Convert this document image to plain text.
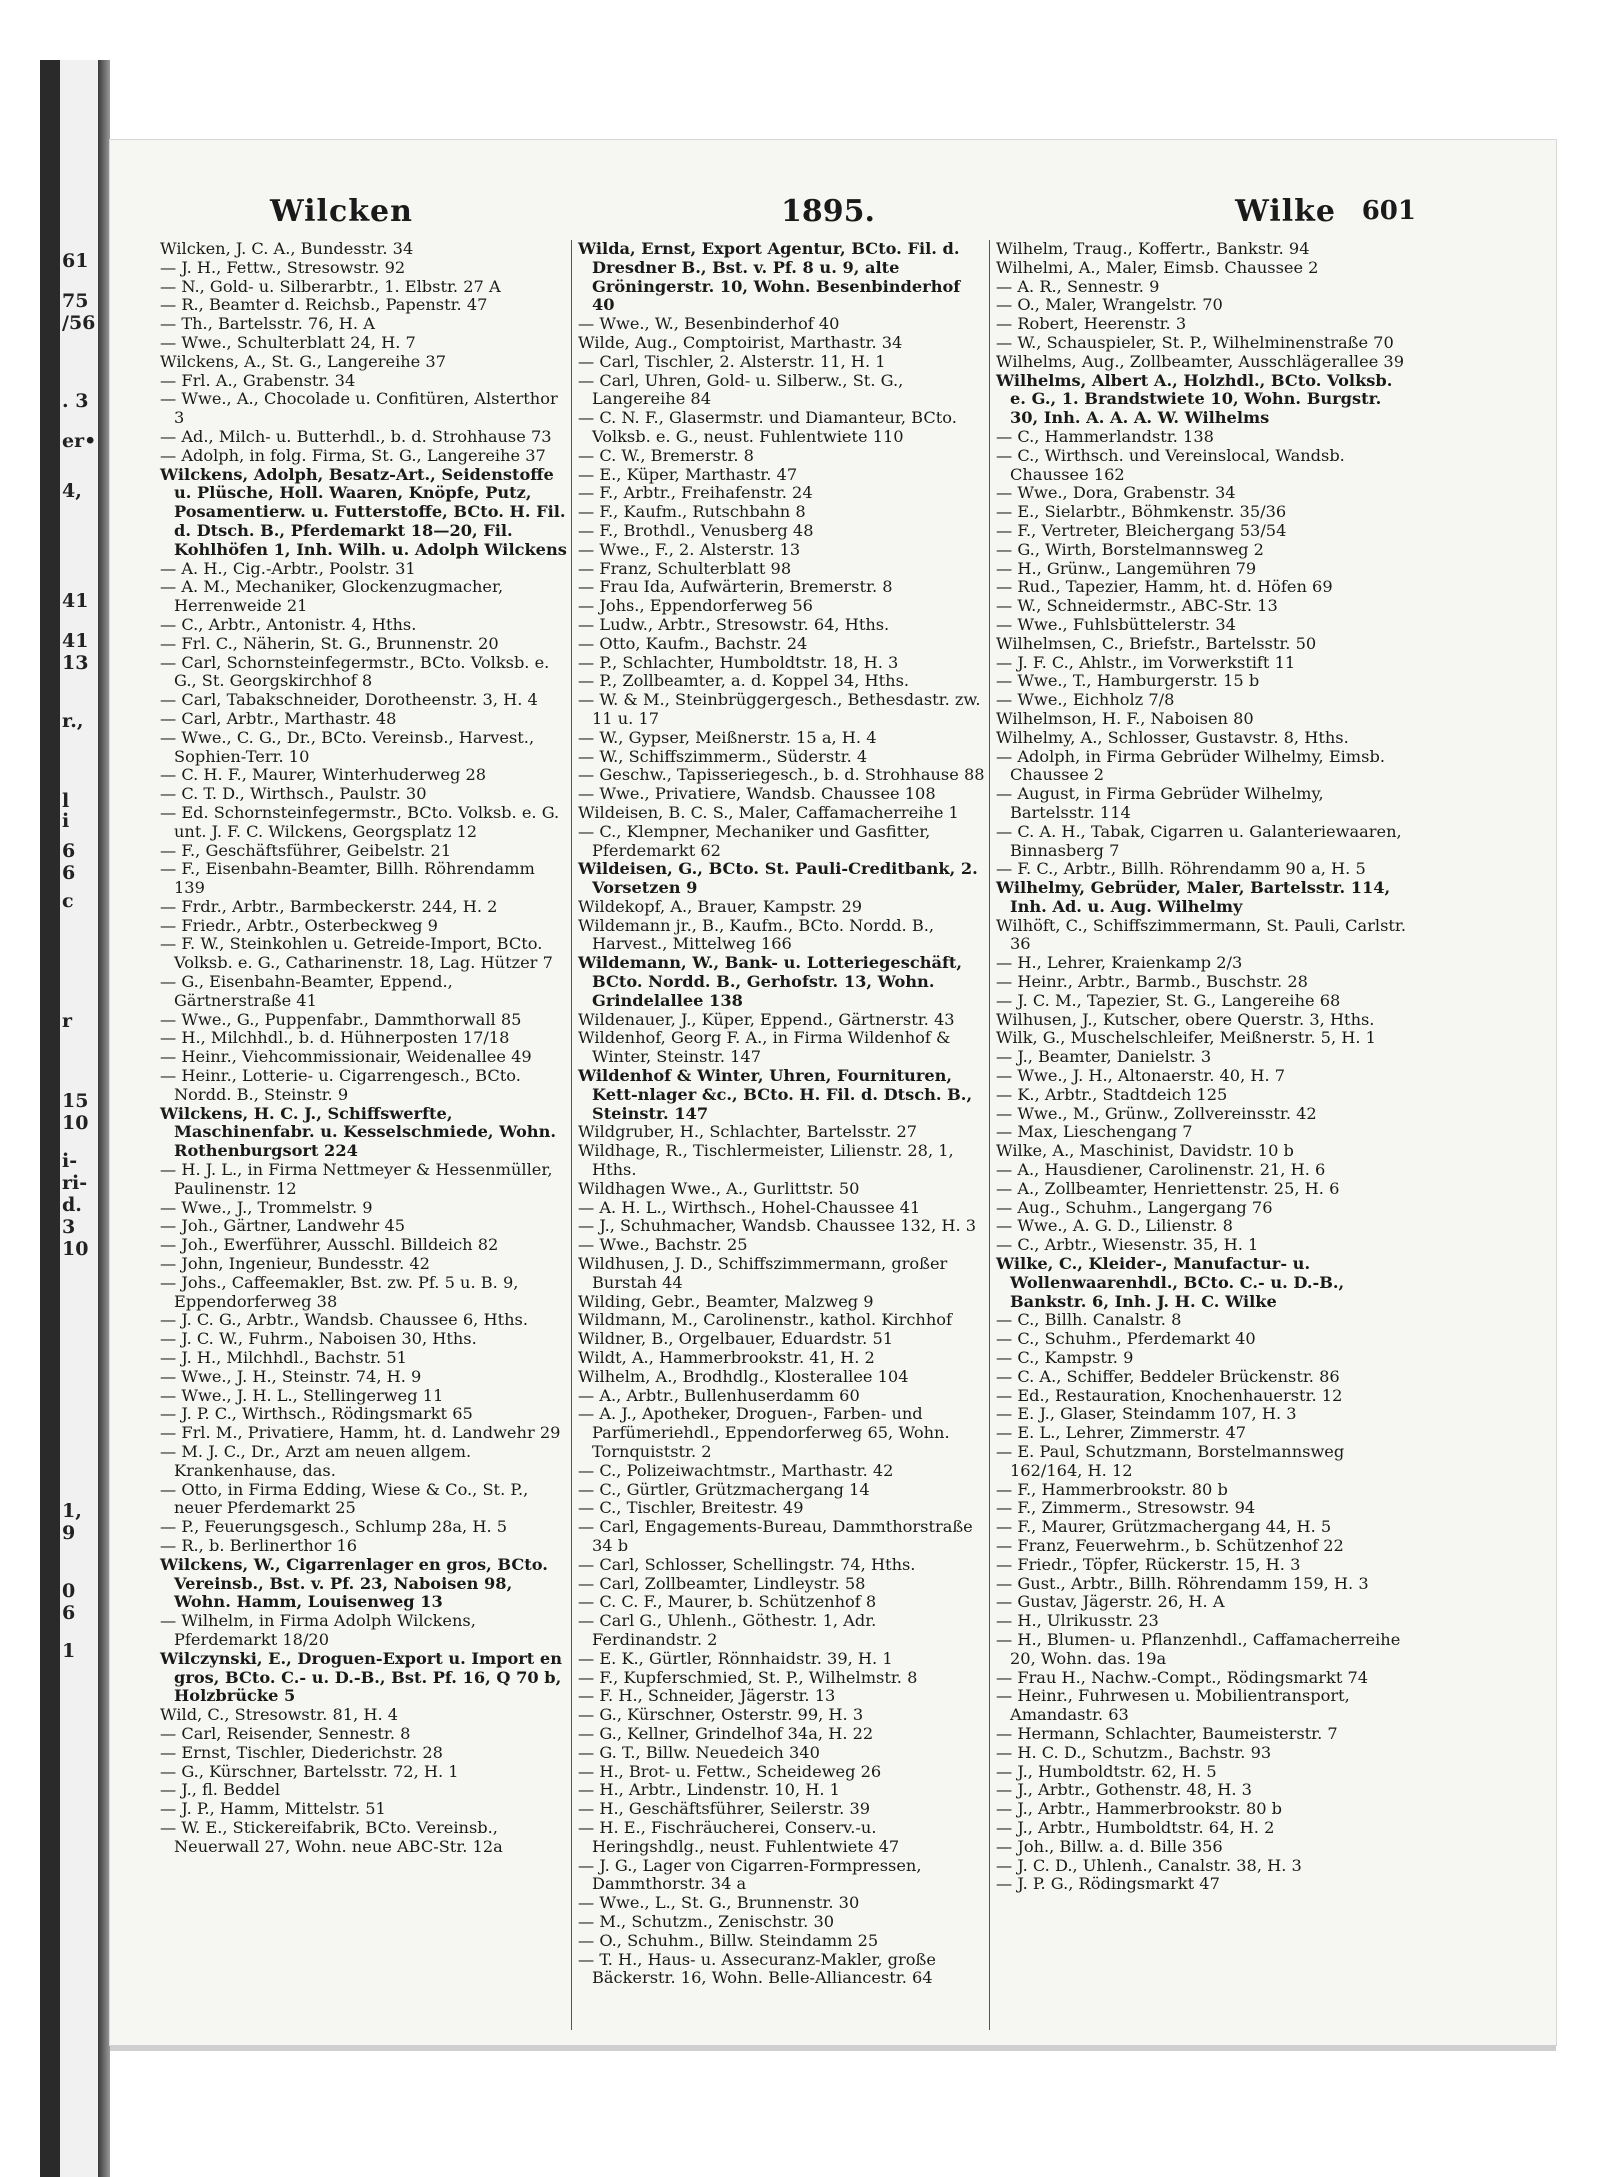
61
75
/56
. 3
er•
4,
41
41
13
r.,
l
i
6
6
c
r
15
10
i-
ri-
d.
3
10
1,
9
0
6
1
Wilcken	1895.	Wilke 601

Wilcken, J. C. A., Bundesstr. 34

— J. H., Fettw., Stresowstr. 92

— N., Gold- u. Silberarbtr., 1. Elbstr. 27 A

— R., Beamter d. Reichsb., Papenstr. 47

— Th., Bartelsstr. 76, H. A

— Wwe., Schulterblatt 24, H. 7

Wilckens, A., St. G., Langereihe 37

— Frl. A., Grabenstr. 34

— Wwe., A., Chocolade u. Confitüren, Alsterthor 3

— Ad., Milch- u. Butterhdl., b. d. Strohhause 73

— Adolph, in folg. Firma, St. G., Langereihe 37

Wilckens, Adolph, Besatz-Art., Seidenstoffe u. Plüsche, Holl. Waaren, Knöpfe, Putz, Posamentierw. u. Futterstoffe, BCto. H. Fil. d. Dtsch. B., Pferdemarkt 18—20, Fil. Kohlhöfen 1, Inh. Wilh. u. Adolph Wilckens

— A. H., Cig.-Arbtr., Poolstr. 31

— A. M., Mechaniker, Glockenzugmacher, Herrenweide 21

— C., Arbtr., Antonistr. 4, Hths.

— Frl. C., Näherin, St. G., Brunnenstr. 20

— Carl, Schornsteinfegermstr., BCto. Volksb. e. G., St. Georgskirchhof 8

— Carl, Tabakschneider, Dorotheenstr. 3, H. 4

— Carl, Arbtr., Marthastr. 48

— Wwe., C. G., Dr., BCto. Vereinsb., Harvest., Sophien-Terr. 10

— C. H. F., Maurer, Winterhuderweg 28

— C. T. D., Wirthsch., Paulstr. 30

— Ed. Schornsteinfegermstr., BCto. Volksb. e. G. unt. J. F. C. Wilckens, Georgsplatz 12

— F., Geschäftsführer, Geibelstr. 21

— F., Eisenbahn-Beamter, Billh. Röhrendamm 139

— Frdr., Arbtr., Barmbeckerstr. 244, H. 2

— Friedr., Arbtr., Osterbeckweg 9

— F. W., Steinkohlen u. Getreide-Import, BCto. Volksb. e. G., Catharinenstr. 18, Lag. Hützer 7

— G., Eisenbahn-Beamter, Eppend., Gärtnerstraße 41

— Wwe., G., Puppenfabr., Dammthorwall 85

— H., Milchhdl., b. d. Hühnerposten 17/18

— Heinr., Viehcommissionair, Weidenallee 49

— Heinr., Lotterie- u. Cigarrengesch., BCto. Nordd. B., Steinstr. 9

Wilckens, H. C. J., Schiffswerfte, Maschinenfabr. u. Kesselschmiede, Wohn. Rothenburgsort 224

— H. J. L., in Firma Nettmeyer & Hessenmüller, Paulinenstr. 12

— Wwe., J., Trommelstr. 9

— Joh., Gärtner, Landwehr 45

— Joh., Ewerführer, Ausschl. Billdeich 82

— John, Ingenieur, Bundesstr. 42

— Johs., Caffeemakler, Bst. zw. Pf. 5 u. B. 9, Eppendorferweg 38

— J. C. G., Arbtr., Wandsb. Chaussee 6, Hths.

— J. C. W., Fuhrm., Naboisen 30, Hths.

— J. H., Milchhdl., Bachstr. 51

— Wwe., J. H., Steinstr. 74, H. 9

— Wwe., J. H. L., Stellingerweg 11

— J. P. C., Wirthsch., Rödingsmarkt 65

— Frl. M., Privatiere, Hamm, ht. d. Landwehr 29

— M. J. C., Dr., Arzt am neuen allgem. Krankenhause, das.

— Otto, in Firma Edding, Wiese & Co., St. P., neuer Pferdemarkt 25

— P., Feuerungsgesch., Schlump 28a, H. 5

— R., b. Berlinerthor 16

Wilckens, W., Cigarrenlager en gros, BCto. Vereinsb., Bst. v. Pf. 23, Naboisen 98, Wohn. Hamm, Louisenweg 13

— Wilhelm, in Firma Adolph Wilckens, Pferdemarkt 18/20

Wilczynski, E., Droguen-Export u. Import en gros, BCto. C.- u. D.-B., Bst. Pf. 16, Q 70 b, Holzbrücke 5

Wild, C., Stresowstr. 81, H. 4

— Carl, Reisender, Sennestr. 8

— Ernst, Tischler, Diederichstr. 28

— G., Kürschner, Bartelsstr. 72, H. 1

— J., fl. Beddel

— J. P., Hamm, Mittelstr. 51

— W. E., Stickereifabrik, BCto. Vereinsb., Neuerwall 27, Wohn. neue ABC-Str. 12a

Wilda, Ernst, Export Agentur, BCto. Fil. d. Dresdner B., Bst. v. Pf. 8 u. 9, alte Gröningerstr. 10, Wohn. Besenbinderhof 40

— Wwe., W., Besenbinderhof 40

Wilde, Aug., Comptoirist, Marthastr. 34

— Carl, Tischler, 2. Alsterstr. 11, H. 1

— Carl, Uhren, Gold- u. Silberw., St. G., Langereihe 84

— C. N. F., Glasermstr. und Diamanteur, BCto. Volksb. e. G., neust. Fuhlentwiete 110

— C. W., Bremerstr. 8

— E., Küper, Marthastr. 47

— F., Arbtr., Freihafenstr. 24

— F., Kaufm., Rutschbahn 8

— F., Brothdl., Venusberg 48

— Wwe., F., 2. Alsterstr. 13

— Franz, Schulterblatt 98

— Frau Ida, Aufwärterin, Bremerstr. 8

— Johs., Eppendorferweg 56

— Ludw., Arbtr., Stresowstr. 64, Hths.

— Otto, Kaufm., Bachstr. 24

— P., Schlachter, Humboldtstr. 18, H. 3

— P., Zollbeamter, a. d. Koppel 34, Hths.

— W. & M., Steinbrüggergesch., Bethesdastr. zw. 11 u. 17

— W., Gypser, Meißnerstr. 15 a, H. 4

— W., Schiffszimmerm., Süderstr. 4

— Geschw., Tapisseriegesch., b. d. Strohhause 88

— Wwe., Privatiere, Wandsb. Chaussee 108

Wildeisen, B. C. S., Maler, Caffamacherreihe 1

— C., Klempner, Mechaniker und Gasfitter, Pferdemarkt 62

Wildeisen, G., BCto. St. Pauli-Creditbank, 2. Vorsetzen 9

Wildekopf, A., Brauer, Kampstr. 29

Wildemann jr., B., Kaufm., BCto. Nordd. B., Harvest., Mittelweg 166

Wildemann, W., Bank- u. Lotteriegeschäft, BCto. Nordd. B., Gerhofstr. 13, Wohn. Grindelallee 138

Wildenauer, J., Küper, Eppend., Gärtnerstr. 43

Wildenhof, Georg F. A., in Firma Wildenhof & Winter, Steinstr. 147

Wildenhof & Winter, Uhren, Fournituren, Kett-nlager &c., BCto. H. Fil. d. Dtsch. B., Steinstr. 147

Wildgruber, H., Schlachter, Bartelsstr. 27

Wildhage, R., Tischlermeister, Lilienstr. 28, 1, Hths.

Wildhagen Wwe., A., Gurlittstr. 50

— A. H. L., Wirthsch., Hohel-Chaussee 41

— J., Schuhmacher, Wandsb. Chaussee 132, H. 3

— Wwe., Bachstr. 25

Wildhusen, J. D., Schiffszimmermann, großer Burstah 44

Wilding, Gebr., Beamter, Malzweg 9

Wildmann, M., Carolinenstr., kathol. Kirchhof

Wildner, B., Orgelbauer, Eduardstr. 51

Wildt, A., Hammerbrookstr. 41, H. 2

Wilhelm, A., Brodhdlg., Klosterallee 104

— A., Arbtr., Bullenhuserdamm 60

— A. J., Apotheker, Droguen-, Farben- und Parfümeriehdl., Eppendorferweg 65, Wohn. Tornquiststr. 2

— C., Polizeiwachtmstr., Marthastr. 42

— C., Gürtler, Grützmachergang 14

— C., Tischler, Breitestr. 49

— Carl, Engagements-Bureau, Dammthorstraße 34 b

— Carl, Schlosser, Schellingstr. 74, Hths.

— Carl, Zollbeamter, Lindleystr. 58

— C. C. F., Maurer, b. Schützenhof 8

— Carl G., Uhlenh., Göthestr. 1, Adr. Ferdinandstr. 2

— E. K., Gürtler, Rönnhaidstr. 39, H. 1

— F., Kupferschmied, St. P., Wilhelmstr. 8

— F. H., Schneider, Jägerstr. 13

— G., Kürschner, Osterstr. 99, H. 3

— G., Kellner, Grindelhof 34a, H. 22

— G. T., Billw. Neuedeich 340

— H., Brot- u. Fettw., Scheideweg 26

— H., Arbtr., Lindenstr. 10, H. 1

— H., Geschäftsführer, Seilerstr. 39

— H. E., Fischräucherei, Conserv.-u. Heringshdlg., neust. Fuhlentwiete 47

— J. G., Lager von Cigarren-Formpressen, Dammthorstr. 34 a

— Wwe., L., St. G., Brunnenstr. 30

— M., Schutzm., Zenischstr. 30

— O., Schuhm., Billw. Steindamm 25

— T. H., Haus- u. Assecuranz-Makler, große Bäckerstr. 16, Wohn. Belle-Alliancestr. 64

Wilhelm, Traug., Koffertr., Bankstr. 94

Wilhelmi, A., Maler, Eimsb. Chaussee 2

— A. R., Sennestr. 9

— O., Maler, Wrangelstr. 70

— Robert, Heerenstr. 3

— W., Schauspieler, St. P., Wilhelminenstraße 70

Wilhelms, Aug., Zollbeamter, Ausschlägerallee 39

Wilhelms, Albert A., Holzhdl., BCto. Volksb. e. G., 1. Brandstwiete 10, Wohn. Burgstr. 30, Inh. A. A. A. W. Wilhelms

— C., Hammerlandstr. 138

— C., Wirthsch. und Vereinslocal, Wandsb. Chaussee 162

— Wwe., Dora, Grabenstr. 34

— E., Sielarbtr., Böhmkenstr. 35/36

— F., Vertreter, Bleichergang 53/54

— G., Wirth, Borstelmannsweg 2

— H., Grünw., Langemühren 79

— Rud., Tapezier, Hamm, ht. d. Höfen 69

— W., Schneidermstr., ABC-Str. 13

— Wwe., Fuhlsbüttelerstr. 34

Wilhelmsen, C., Briefstr., Bartelsstr. 50

— J. F. C., Ahlstr., im Vorwerkstift 11

— Wwe., T., Hamburgerstr. 15 b

— Wwe., Eichholz 7/8

Wilhelmson, H. F., Naboisen 80

Wilhelmy, A., Schlosser, Gustavstr. 8, Hths.

— Adolph, in Firma Gebrüder Wilhelmy, Eimsb. Chaussee 2

— August, in Firma Gebrüder Wilhelmy, Bartelsstr. 114

— C. A. H., Tabak, Cigarren u. Galanteriewaaren, Binnasberg 7

— F. C., Arbtr., Billh. Röhrendamm 90 a, H. 5

Wilhelmy, Gebrüder, Maler, Bartelsstr. 114, Inh. Ad. u. Aug. Wilhelmy

Wilhöft, C., Schiffszimmermann, St. Pauli, Carlstr. 36

— H., Lehrer, Kraienkamp 2/3

— Heinr., Arbtr., Barmb., Buschstr. 28

— J. C. M., Tapezier, St. G., Langereihe 68

Wilhusen, J., Kutscher, obere Querstr. 3, Hths.

Wilk, G., Muschelschleifer, Meißnerstr. 5, H. 1

— J., Beamter, Danielstr. 3

— Wwe., J. H., Altonaerstr. 40, H. 7

— K., Arbtr., Stadtdeich 125

— Wwe., M., Grünw., Zollvereinsstr. 42

— Max, Lieschengang 7

Wilke, A., Maschinist, Davidstr. 10 b

— A., Hausdiener, Carolinenstr. 21, H. 6

— A., Zollbeamter, Henriettenstr. 25, H. 6

— Aug., Schuhm., Langergang 76

— Wwe., A. G. D., Lilienstr. 8

— C., Arbtr., Wiesenstr. 35, H. 1

Wilke, C., Kleider-, Manufactur- u. Wollenwaarenhdl., BCto. C.- u. D.-B., Bankstr. 6, Inh. J. H. C. Wilke

— C., Billh. Canalstr. 8

— C., Schuhm., Pferdemarkt 40

— C., Kampstr. 9

— C. A., Schiffer, Beddeler Brückenstr. 86

— Ed., Restauration, Knochenhauerstr. 12

— E. J., Glaser, Steindamm 107, H. 3

— E. L., Lehrer, Zimmerstr. 47

— E. Paul, Schutzmann, Borstelmannsweg 162/164, H. 12

— F., Hammerbrookstr. 80 b

— F., Zimmerm., Stresowstr. 94

— F., Maurer, Grützmachergang 44, H. 5

— Franz, Feuerwehrm., b. Schützenhof 22

— Friedr., Töpfer, Rückerstr. 15, H. 3

— Gust., Arbtr., Billh. Röhrendamm 159, H. 3

— Gustav, Jägerstr. 26, H. A

— H., Ulrikusstr. 23

— H., Blumen- u. Pflanzenhdl., Caffamacherreihe 20, Wohn. das. 19a

— Frau H., Nachw.-Compt., Rödingsmarkt 74

— Heinr., Fuhrwesen u. Mobilientransport, Amandastr. 63

— Hermann, Schlachter, Baumeisterstr. 7

— H. C. D., Schutzm., Bachstr. 93

— J., Humboldtstr. 62, H. 5

— J., Arbtr., Gothenstr. 48, H. 3

— J., Arbtr., Hammerbrookstr. 80 b

— J., Arbtr., Humboldtstr. 64, H. 2

— Joh., Billw. a. d. Bille 356

— J. C. D., Uhlenh., Canalstr. 38, H. 3

— J. P. G., Rödingsmarkt 47
